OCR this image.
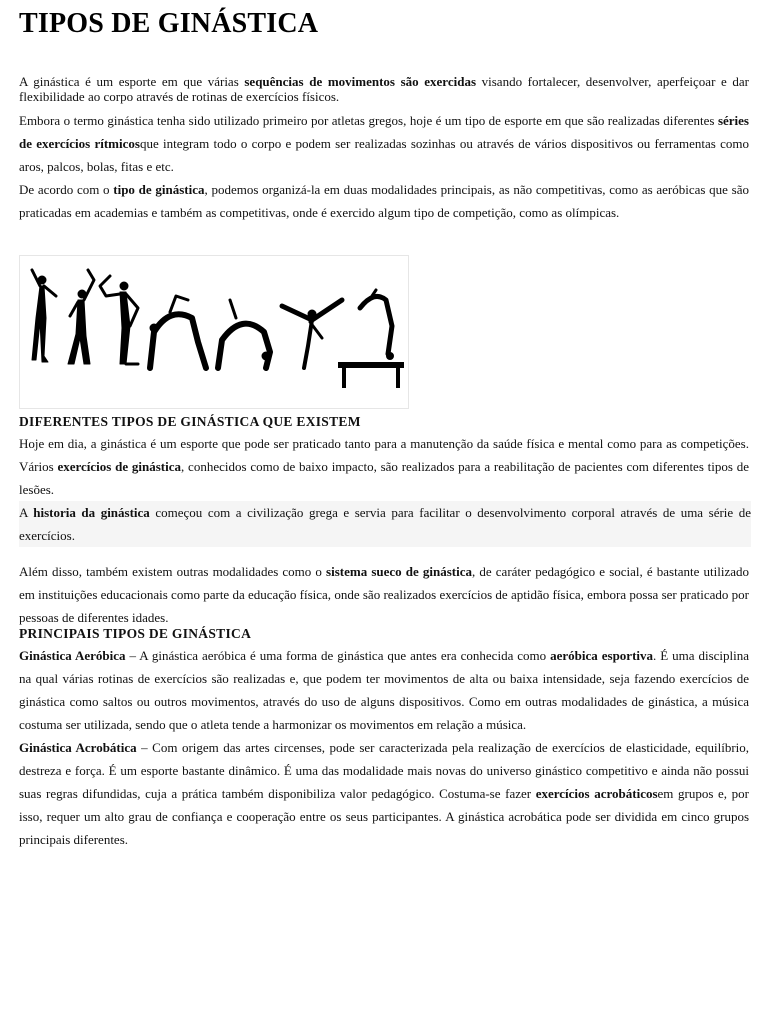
TIPOS DE GINÁSTICA

A ginástica é um esporte em que várias sequências de movimentos são exercidas visando fortalecer, desenvolver, aperfeiçoar e dar flexibilidade ao corpo através de rotinas de exercícios físicos.

Embora o termo ginástica tenha sido utilizado primeiro por atletas gregos, hoje é um tipo de esporte em que são realizadas diferentes séries de exercícios rítmicosque integram todo o corpo e podem ser realizadas sozinhas ou através de vários dispositivos ou ferramentas como aros, palcos, bolas, fitas e etc.

De acordo com o tipo de ginástica, podemos organizá-la em duas modalidades principais, as não competitivas, como as aeróbicas que são praticadas em academias e também as competitivas, onde é exercido algum tipo de competição, como as olímpicas.

DIFERENTES TIPOS DE GINÁSTICA QUE EXISTEM

Hoje em dia, a ginástica é um esporte que pode ser praticado tanto para a manutenção da saúde física e mental como para as competições. Vários exercícios de ginástica, conhecidos como de baixo impacto, são realizados para a reabilitação de pacientes com diferentes tipos de lesões.

A historia da ginástica começou com a civilização grega e servia para facilitar o desenvolvimento corporal através de uma série de exercícios.

Além disso, também existem outras modalidades como o sistema sueco de ginástica, de caráter pedagógico e social, é bastante utilizado em instituições educacionais como parte da educação física, onde são realizados exercícios de aptidão física, embora possa ser praticado por pessoas de diferentes idades.

PRINCIPAIS TIPOS DE GINÁSTICA

Ginástica Aeróbica – A ginástica aeróbica é uma forma de ginástica que antes era conhecida como aeróbica esportiva. É uma disciplina na qual várias rotinas de exercícios são realizadas e, que podem ter movimentos de alta ou baixa intensidade, seja fazendo exercícios de ginástica como saltos ou outros movimentos, através do uso de alguns dispositivos. Como em outras modalidades de ginástica, a música costuma ser utilizada, sendo que o atleta tende a harmonizar os movimentos em relação a música.

Ginástica Acrobática – Com origem das artes circenses, pode ser caracterizada pela realização de exercícios de elasticidade, equilíbrio, destreza e força. É um esporte bastante dinâmico. É uma das modalidade mais novas do universo ginástico competitivo e ainda não possui suas regras difundidas, cuja a prática também disponibiliza valor pedagógico. Costuma-se fazer exercícios acrobáticosem grupos e, por isso, requer um alto grau de confiança e cooperação entre os seus participantes. A ginástica acrobática pode ser dividida em cinco grupos principais diferentes.
